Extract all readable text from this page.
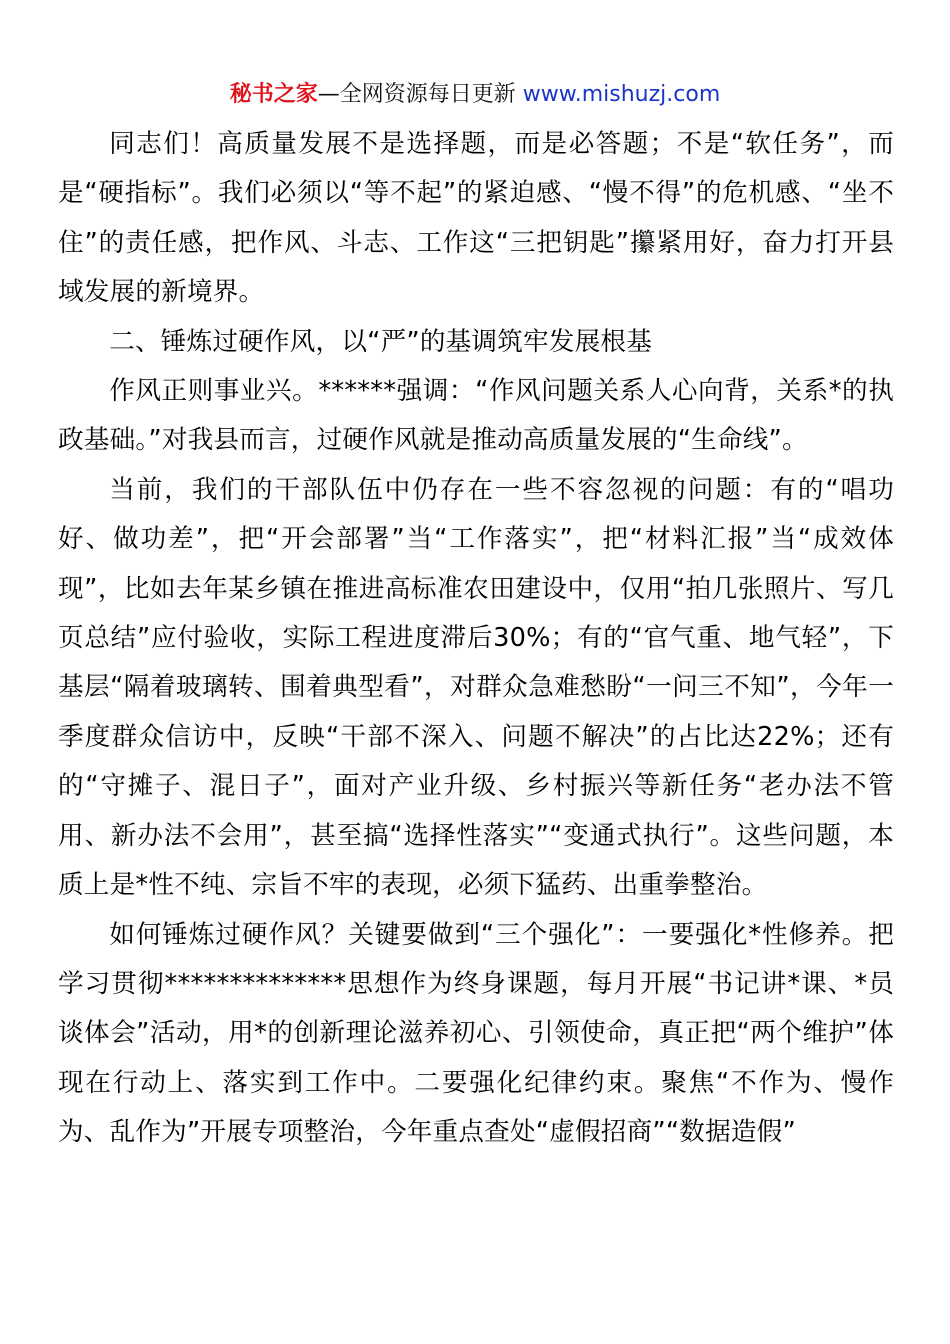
秘书之家—全网资源每日更新 www.mishuzj.com

同志们！高质量发展不是选择题，而是必答题；不是“软任务”，而是“硬指标”。我们必须以“等不起”的紧迫感、“慢不得”的危机感、“坐不住”的责任感，把作风、斗志、工作这“三把钥匙”攥紧用好，奋力打开县域发展的新境界。

二、锤炼过硬作风，以“严”的基调筑牢发展根基

作风正则事业兴。******强调：“作风问题关系人心向背，关系*的执政基础。”对我县而言，过硬作风就是推动高质量发展的“生命线”。

当前，我们的干部队伍中仍存在一些不容忽视的问题：有的“唱功好、做功差”，把“开会部署”当“工作落实”，把“材料汇报”当“成效体现”，比如去年某乡镇在推进高标准农田建设中，仅用“拍几张照片、写几页总结”应付验收，实际工程进度滞后30%；有的“官气重、地气轻”，下基层“隔着玻璃转、围着典型看”，对群众急难愁盼“一问三不知”，今年一季度群众信访中，反映“干部不深入、问题不解决”的占比达22%；还有的“守摊子、混日子”，面对产业升级、乡村振兴等新任务“老办法不管用、新办法不会用”，甚至搞“选择性落实”“变通式执行”。这些问题，本质上是*性不纯、宗旨不牢的表现，必须下猛药、出重拳整治。

如何锤炼过硬作风？关键要做到“三个强化”：一要强化*性修养。把学习贯彻**************思想作为终身课题，每月开展“书记讲*课、*员谈体会”活动，用*的创新理论滋养初心、引领使命，真正把“两个维护”体现在行动上、落实到工作中。二要强化纪律约束。聚焦“不作为、慢作为、乱作为”开展专项整治，今年重点查处“虚假招商”“数据造假”
